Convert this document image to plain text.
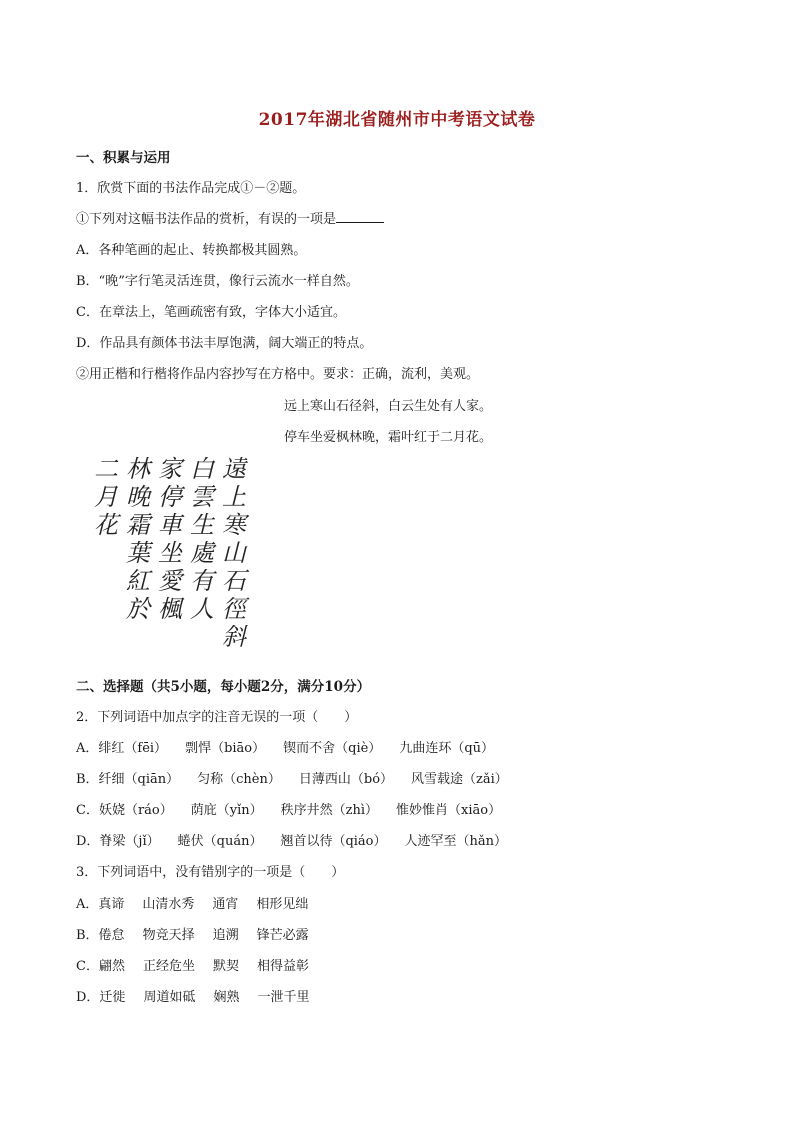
2017年湖北省随州市中考语文试卷
一、积累与运用
1．欣赏下面的书法作品完成①－②题。
①下列对这幅书法作品的赏析，有误的一项是
A．各种笔画的起止、转换都极其圆熟。
B．“晚”字行笔灵活连贯，像行云流水一样自然。
C．在章法上，笔画疏密有致，字体大小适宜。
D．作品具有颜体书法丰厚饱满，阔大端正的特点。
②用正楷和行楷将作品内容抄写在方格中。要求：正确，流利，美观。
远上寒山石径斜，白云生处有人家。
停车坐爱枫林晚，霜叶红于二月花。
遠
上
寒
山
石
徑
斜
白
雲
生
處
有
人
家
停
車
坐
愛
楓
林
晚
霜
葉
紅
於
二
月
花
二、选择题（共5小题，每小题2分，满分10分）
2．下列词语中加点字的注音无误的一项（　　）
A．绯红（fēi） 剽悍（biāo） 锲而不舍（qiè） 九曲连环（qū）
B．纤细（qiān） 匀称（chèn） 日薄西山（bó） 风雪载途（zǎi）
C．妖娆（ráo） 荫庇（yǐn） 秩序井然（zhì） 惟妙惟肖（xiāo）
D．脊梁（jǐ） 蜷伏（quán） 翘首以待（qiáo） 人迹罕至（hǎn）
3．下列词语中，没有错别字的一项是（　　）
A．真谛 山清水秀 通宵 相形见绌
B．倦怠 物竞天择 追溯 锋芒必露
C．翩然 正经危坐 默契 相得益彰
D．迁徙 周道如砥 娴熟 一泄千里
